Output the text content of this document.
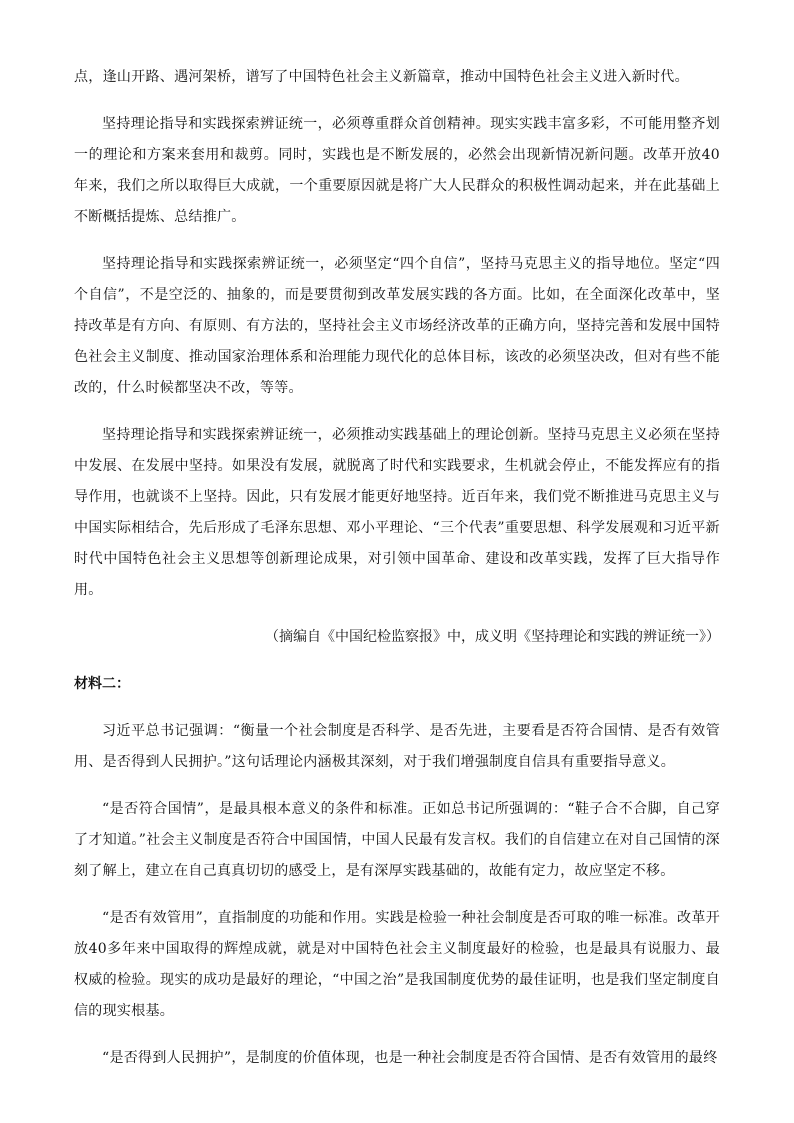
点，逢山开路、遇河架桥，谱写了中国特色社会主义新篇章，推动中国特色社会主义进入新时代。

坚持理论指导和实践探索辨证统一，必须尊重群众首创精神。现实实践丰富多彩，不可能用整齐划一的理论和方案来套用和裁剪。同时，实践也是不断发展的，必然会出现新情况新问题。改革开放40年来，我们之所以取得巨大成就，一个重要原因就是将广大人民群众的积极性调动起来，并在此基础上不断概括提炼、总结推广。

坚持理论指导和实践探索辨证统一，必须坚定“四个自信”，坚持马克思主义的指导地位。坚定“四个自信”，不是空泛的、抽象的，而是要贯彻到改革发展实践的各方面。比如，在全面深化改革中，坚持改革是有方向、有原则、有方法的，坚持社会主义市场经济改革的正确方向，坚持完善和发展中国特色社会主义制度、推动国家治理体系和治理能力现代化的总体目标，该改的必须坚决改，但对有些不能改的，什么时候都坚决不改，等等。

坚持理论指导和实践探索辨证统一，必须推动实践基础上的理论创新。坚持马克思主义必须在坚持中发展、在发展中坚持。如果没有发展，就脱离了时代和实践要求，生机就会停止，不能发挥应有的指导作用，也就谈不上坚持。因此，只有发展才能更好地坚持。近百年来，我们党不断推进马克思主义与中国实际相结合，先后形成了毛泽东思想、邓小平理论、“三个代表”重要思想、科学发展观和习近平新时代中国特色社会主义思想等创新理论成果，对引领中国革命、建设和改革实践，发挥了巨大指导作用。

（摘编自《中国纪检监察报》中，成义明《坚持理论和实践的辨证统一》）

材料二：

习近平总书记强调：“衡量一个社会制度是否科学、是否先进，主要看是否符合国情、是否有效管用、是否得到人民拥护。”这句话理论内涵极其深刻，对于我们增强制度自信具有重要指导意义。

“是否符合国情”，是最具根本意义的条件和标准。正如总书记所强调的：“鞋子合不合脚，自己穿了才知道。”社会主义制度是否符合中国国情，中国人民最有发言权。我们的自信建立在对自己国情的深刻了解上，建立在自己真真切切的感受上，是有深厚实践基础的，故能有定力，故应坚定不移。

“是否有效管用”，直指制度的功能和作用。实践是检验一种社会制度是否可取的唯一标准。改革开放40多年来中国取得的辉煌成就，就是对中国特色社会主义制度最好的检验，也是最具有说服力、最权威的检验。现实的成功是最好的理论，“中国之治”是我国制度优势的最佳证明，也是我们坚定制度自信的现实根基。

“是否得到人民拥护”，是制度的价值体现，也是一种社会制度是否符合国情、是否有效管用的最终
